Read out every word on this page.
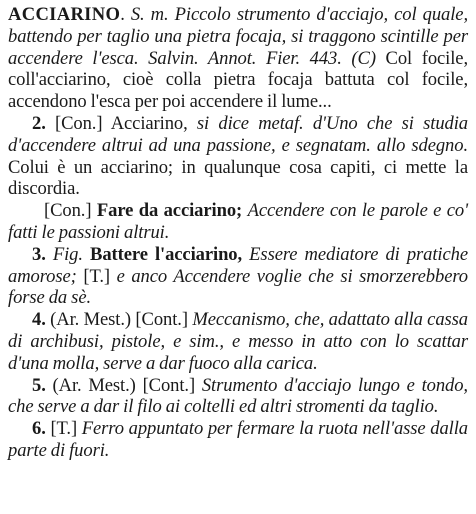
ACCIARINO. S. m. Piccolo strumento d'acciajo, col quale, battendo per taglio una pietra focaja, si traggono scintille per accendere l'esca. Salvin. Annot. Fier. 443. (C) Col focile, coll'acciarino, cioè colla pietra focaja battuta col focile, accendono l'esca per poi accendere il lume...

2. [Con.] Acciarino, si dice metaf. d'Uno che si studia d'accendere altrui ad una passione, e segnatam. allo sdegno. Colui è un acciarino; in qualunque cosa capiti, ci mette la discordia.

[Con.] Fare da acciarino; Accendere con le parole e co' fatti le passioni altrui.

3. Fig. Battere l'acciarino, Essere mediatore di pratiche amorose; [T.] e anco Accendere voglie che si smorzerebbero forse da sè.

4. (Ar. Mest.) [Cont.] Meccanismo, che, adattato alla cassa di archibusi, pistole, e sim., e messo in atto con lo scattar d'una molla, serve a dar fuoco alla carica.

5. (Ar. Mest.) [Cont.] Strumento d'acciajo lungo e tondo, che serve a dar il filo ai coltelli ed altri stromenti da taglio.

6. [T.] Ferro appuntato per fermare la ruota nell'asse dalla parte di fuori.
